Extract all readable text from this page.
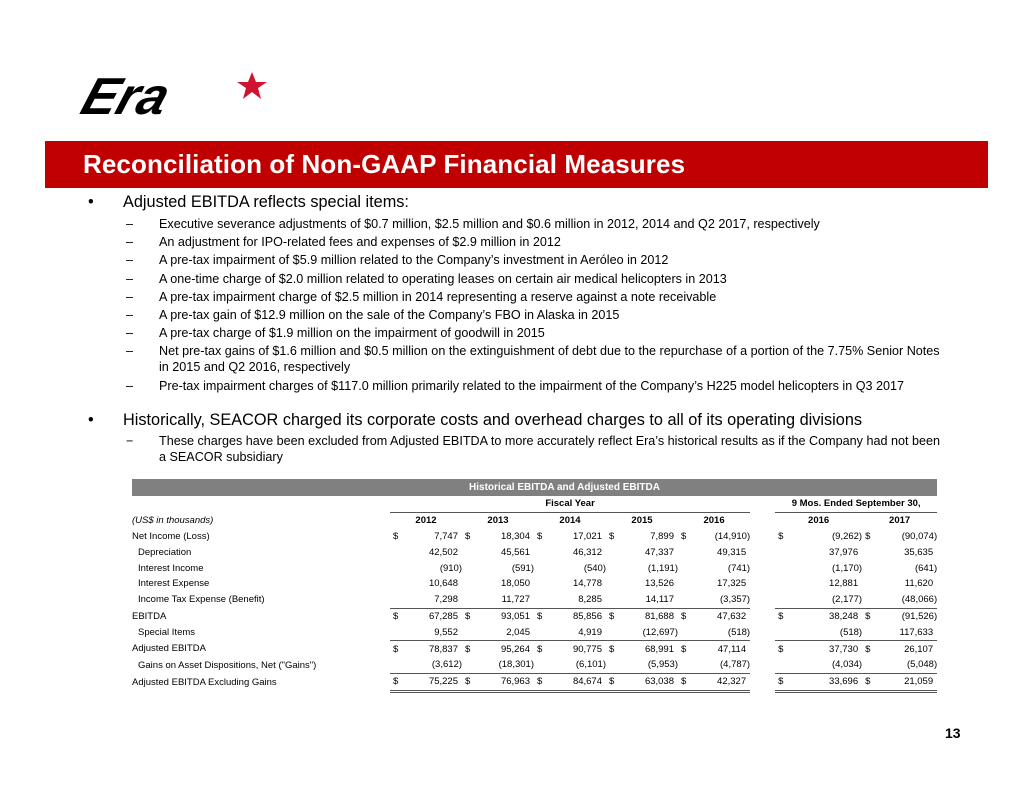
Era
Reconciliation of Non-GAAP Financial Measures
• Adjusted EBITDA reflects special items:
– Executive severance adjustments of $0.7 million, $2.5 million and $0.6 million in 2012, 2014 and Q2 2017, respectively
– An adjustment for IPO-related fees and expenses of $2.9 million in 2012
– A pre-tax impairment of $5.9 million related to the Company’s investment in Aeróleo in 2012
– A one-time charge of $2.0 million related to operating leases on certain air medical helicopters in 2013
– A pre-tax impairment charge of $2.5 million in 2014 representing a reserve against a note receivable
– A pre-tax gain of $12.9 million on the sale of the Company’s FBO in Alaska in 2015
– A pre-tax charge of $1.9 million on the impairment of goodwill in 2015
– Net pre-tax gains of $1.6 million and $0.5 million on the extinguishment of debt due to the repurchase of a portion of the 7.75% Senior Notes in 2015 and Q2 2016, respectively
– Pre-tax impairment charges of $117.0 million primarily related to the impairment of the Company’s H225 model helicopters in Q3 2017
• Historically, SEACOR charged its corporate costs and overhead charges to all of its operating divisions
− These charges have been excluded from Adjusted EBITDA to more accurately reflect Era’s historical results as if the Company had not been a SEACOR subsidiary
Historical EBITDA and Adjusted EBITDA
	Fiscal Year											9 Mos. Ended September 30,			
(US$ in thousands)	2012		2013		2014		2015		2016			2016		2017	
Net Income (Loss)	$	7,747	$	18,304	$	17,021	$	7,899	$	(14,910)		$	(9,262)	$	(90,074)
Depreciation		42,502		45,561		46,312		47,337		49,315			37,976		35,635
Interest Income		(910)		(591)		(540)		(1,191)		(741)			(1,170)		(641)
Interest Expense		10,648		18,050		14,778		13,526		17,325			12,881		11,620
Income Tax Expense (Benefit)		7,298		11,727		8,285		14,117		(3,357)			(2,177)		(48,066)
EBITDA	$	67,285	$	93,051	$	85,856	$	81,688	$	47,632		$	38,248	$	(91,526)
Special Items		9,552		2,045		4,919		(12,697)		(518)			(518)		117,633
Adjusted EBITDA	$	78,837	$	95,264	$	90,775	$	68,991	$	47,114		$	37,730	$	26,107
Gains on Asset Dispositions, Net ("Gains")		(3,612)		(18,301)		(6,101)		(5,953)		(4,787)			(4,034)		(5,048)
Adjusted EBITDA Excluding Gains	$	75,225	$	76,963	$	84,674	$	63,038	$	42,327		$	33,696	$	21,059
13
